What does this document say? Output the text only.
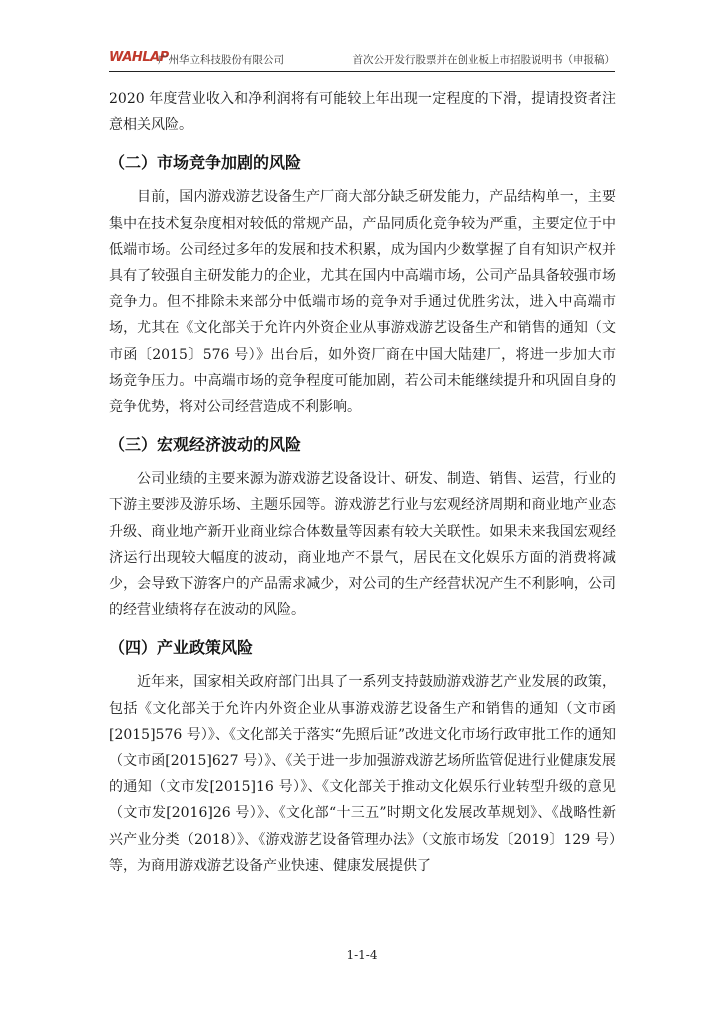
WAHLAP
广州华立科技股份有限公司	首次公开发行股票并在创业板上市招股说明书（申报稿）

2020 年度营业收入和净利润将有可能较上年出现一定程度的下滑，提请投资者注意相关风险。

（二）市场竞争加剧的风险

目前，国内游戏游艺设备生产厂商大部分缺乏研发能力，产品结构单一，主要集中在技术复杂度相对较低的常规产品，产品同质化竞争较为严重，主要定位于中低端市场。公司经过多年的发展和技术积累，成为国内少数掌握了自有知识产权并具有了较强自主研发能力的企业，尤其在国内中高端市场，公司产品具备较强市场竞争力。但不排除未来部分中低端市场的竞争对手通过优胜劣汰，进入中高端市场，尤其在《文化部关于允许内外资企业从事游戏游艺设备生产和销售的通知（文市函〔2015〕576 号）》出台后，如外资厂商在中国大陆建厂，将进一步加大市场竞争压力。中高端市场的竞争程度可能加剧，若公司未能继续提升和巩固自身的竞争优势，将对公司经营造成不利影响。

（三）宏观经济波动的风险

公司业绩的主要来源为游戏游艺设备设计、研发、制造、销售、运营，行业的下游主要涉及游乐场、主题乐园等。游戏游艺行业与宏观经济周期和商业地产业态升级、商业地产新开业商业综合体数量等因素有较大关联性。如果未来我国宏观经济运行出现较大幅度的波动，商业地产不景气，居民在文化娱乐方面的消费将减少，会导致下游客户的产品需求减少，对公司的生产经营状况产生不利影响，公司的经营业绩将存在波动的风险。

（四）产业政策风险

近年来，国家相关政府部门出具了一系列支持鼓励游戏游艺产业发展的政策，包括《文化部关于允许内外资企业从事游戏游艺设备生产和销售的通知（文市函[2015]576 号）》、《文化部关于落实“先照后证”改进文化市场行政审批工作的通知（文市函[2015]627 号）》、《关于进一步加强游戏游艺场所监管促进行业健康发展的通知（文市发[2015]16 号）》、《文化部关于推动文化娱乐行业转型升级的意见（文市发[2016]26 号）》、《文化部“十三五”时期文化发展改革规划》、《战略性新兴产业分类（2018）》、《游戏游艺设备管理办法》（文旅市场发〔2019〕129 号）等，为商用游戏游艺设备产业快速、健康发展提供了

1-1-4
